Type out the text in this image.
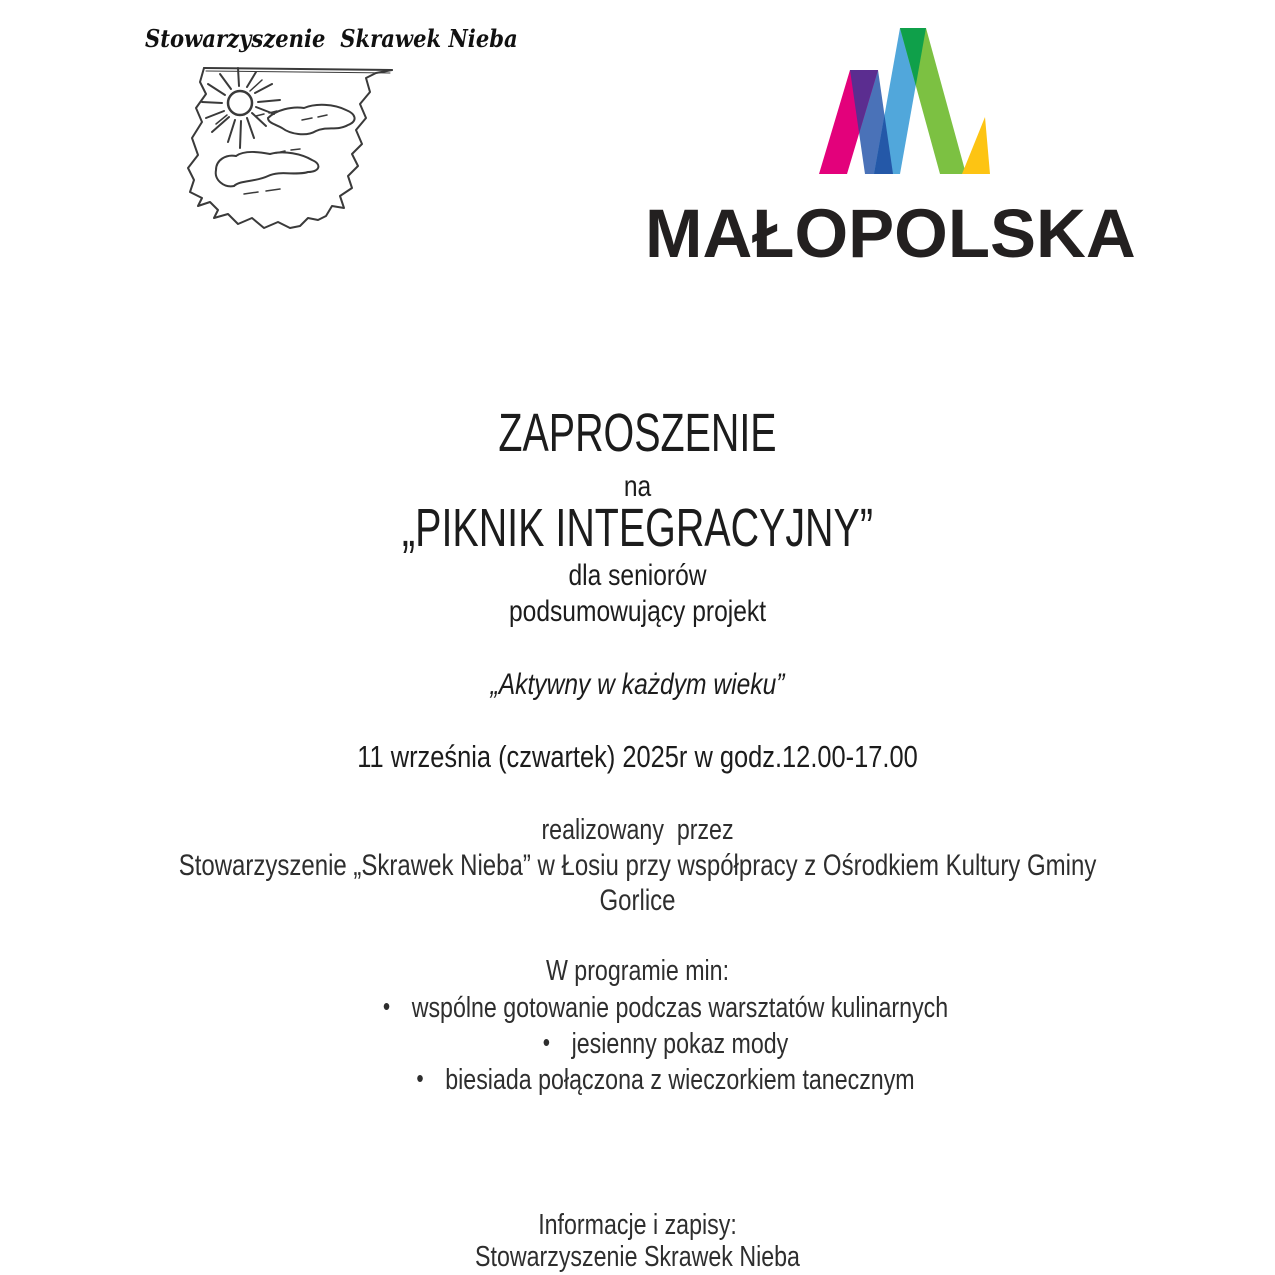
Stowarzyszenie  Skrawek Nieba
MAŁOPOLSKA
ZAPROSZENIE
na
„PIKNIK INTEGRACYJNY”
dla seniorów
podsumowujący projekt
„Aktywny w każdym wieku”
11 września (czwartek) 2025r w godz.12.00-17.00
realizowany  przez
Stowarzyszenie „Skrawek Nieba” w Łosiu przy współpracy z Ośrodkiem Kultury Gminy
Gorlice
W programie min:
• wspólne gotowanie podczas warsztatów kulinarnych
• jesienny pokaz mody
• biesiada połączona z wieczorkiem tanecznym
Informacje i zapisy:
Stowarzyszenie Skrawek Nieba
